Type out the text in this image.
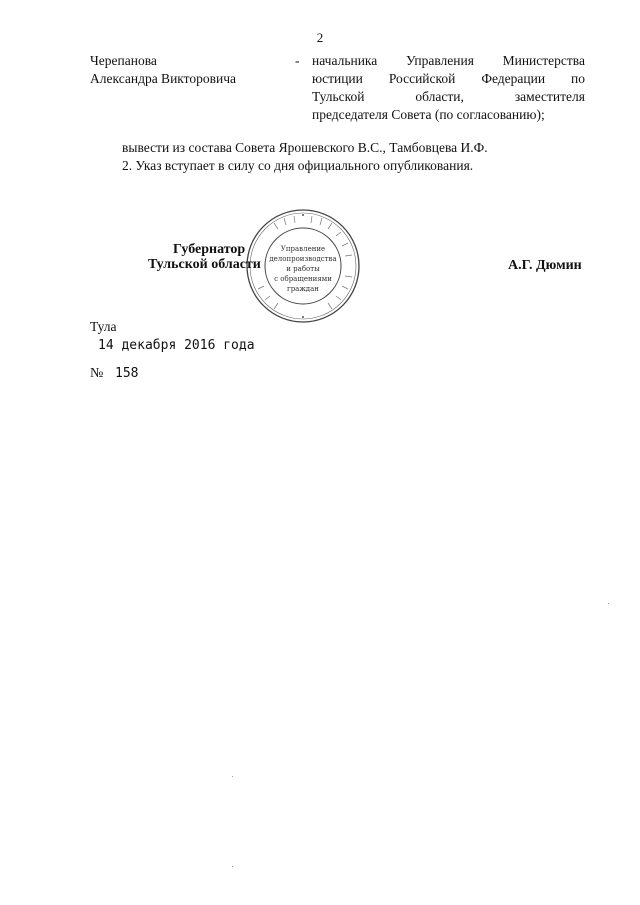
2
Черепанова
Александра Викторовича
- начальника Управления Министерства
юстиции Российской Федерации по
Тульской области, заместителя
председателя Совета (по согласованию);
вывести из состава Совета Ярошевского В.С., Тамбовцева И.Ф.
2. Указ вступает в силу со дня официального опубликования.
Управление
делопроизводства
и работы
с обращениями
граждан
Губернатор
Тульской области	А.Г. Дюмин
Тула
14 декабря 2016 года
№ 158
